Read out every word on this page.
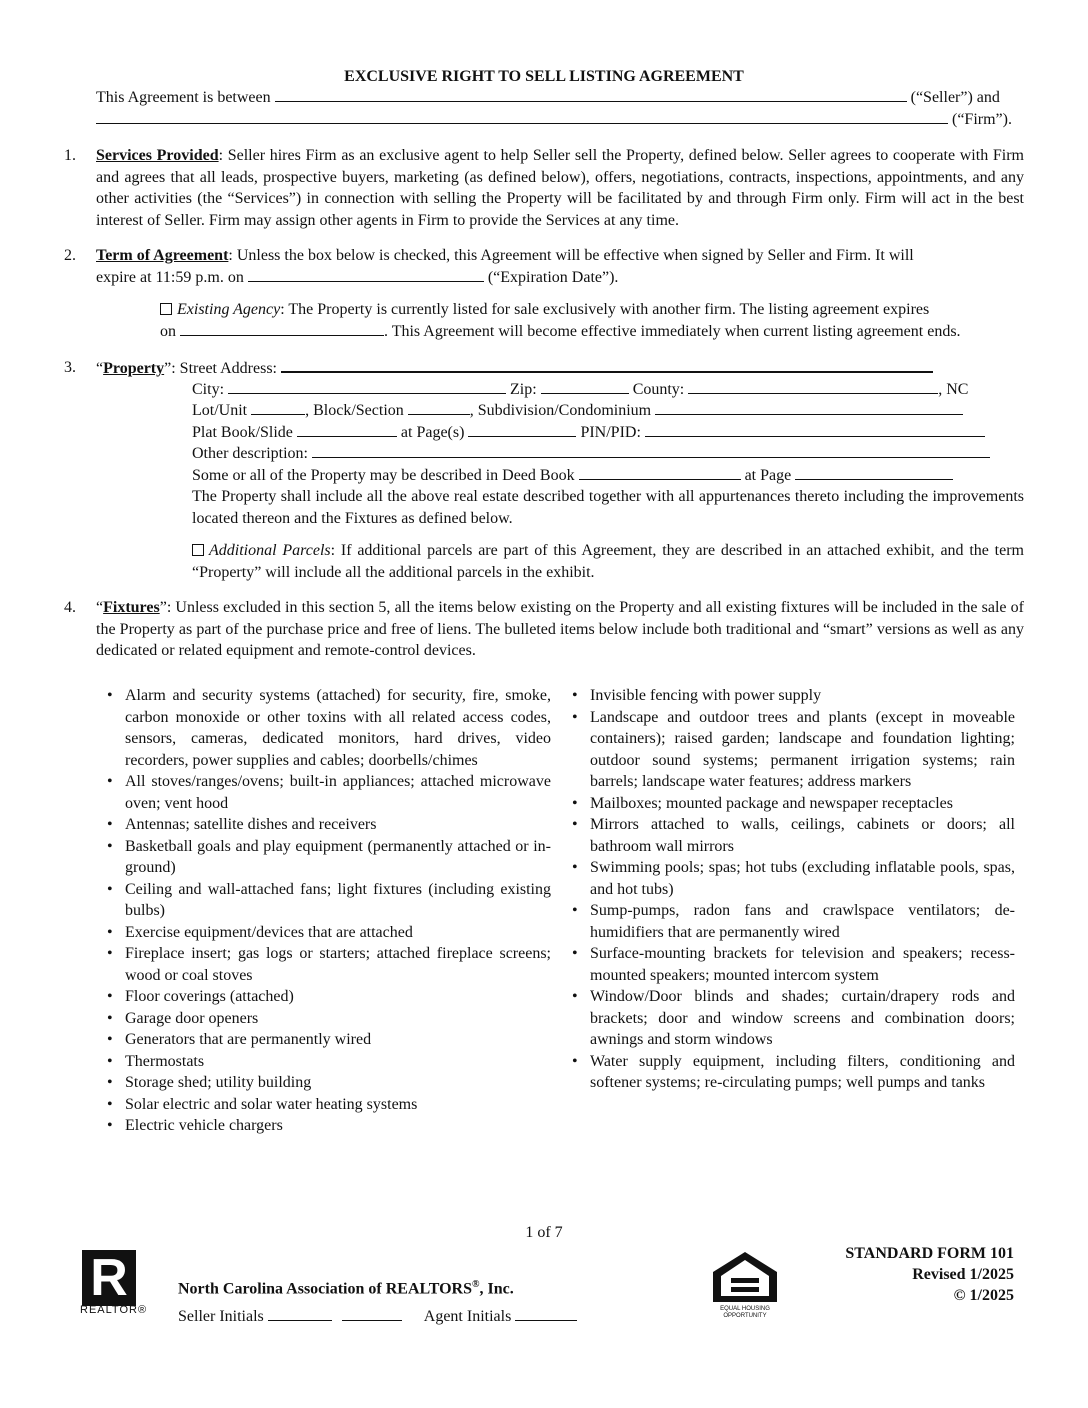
EXCLUSIVE RIGHT TO SELL LISTING AGREEMENT
This Agreement is between	(“Seller”) and
(“Firm”).
1. Services Provided: Seller hires Firm as an exclusive agent to help Seller sell the Property, defined below. Seller agrees to cooperate with Firm and agrees that all leads, prospective buyers, marketing (as defined below), offers, negotiations, contracts, inspections, appointments, and any other activities (the “Services”) in connection with selling the Property will be facilitated by and through Firm only. Firm will act in the best interest of Seller. Firm may assign other agents in Firm to provide the Services at any time.
2. Term of Agreement: Unless the box below is checked, this Agreement will be effective when signed by Seller and Firm. It will
expire at 11:59 p.m. on	(“Expiration Date”).
Existing Agency: The Property is currently listed for sale exclusively with another firm. The listing agreement expires
on	. This Agreement will become effective immediately when current listing agreement ends.
3. “Property”: Street Address:
City:	Zip:	County:	, NC
Lot/Unit	, Block/Section	, Subdivision/Condominium
Plat Book/Slide	at Page(s)	PIN/PID:
Other description:
Some or all of the Property may be described in Deed Book	at Page
The Property shall include all the above real estate described together with all appurtenances thereto including the improvements located thereon and the Fixtures as defined below.
Additional Parcels: If additional parcels are part of this Agreement, they are described in an attached exhibit, and the term “Property” will include all the additional parcels in the exhibit.
4. “Fixtures”: Unless excluded in this section 5, all the items below existing on the Property and all existing fixtures will be included in the sale of the Property as part of the purchase price and free of liens. The bulleted items below include both traditional and “smart” versions as well as any dedicated or related equipment and remote-control devices.
• Alarm and security systems (attached) for security, fire, smoke, carbon monoxide or other toxins with all related access codes, sensors, cameras, dedicated monitors, hard drives, video recorders, power supplies and cables; doorbells/chimes
• All stoves/ranges/ovens; built-in appliances; attached microwave oven; vent hood
• Antennas; satellite dishes and receivers
• Basketball goals and play equipment (permanently attached or in-ground)
• Ceiling and wall-attached fans; light fixtures (including existing bulbs)
• Exercise equipment/devices that are attached
• Fireplace insert; gas logs or starters; attached fireplace screens; wood or coal stoves
• Floor coverings (attached)
• Garage door openers
• Generators that are permanently wired
• Thermostats
• Storage shed; utility building
• Solar electric and solar water heating systems
• Electric vehicle chargers
• Invisible fencing with power supply
• Landscape and outdoor trees and plants (except in moveable containers); raised garden; landscape and foundation lighting; outdoor sound systems; permanent irrigation systems; rain barrels; landscape water features; address markers
• Mailboxes; mounted package and newspaper receptacles
• Mirrors attached to walls, ceilings, cabinets or doors; all bathroom wall mirrors
• Swimming pools; spas; hot tubs (excluding inflatable pools, spas, and hot tubs)
• Sump-pumps, radon fans and crawlspace ventilators; de-humidifiers that are permanently wired
• Surface-mounting brackets for television and speakers; recess-mounted speakers; mounted intercom system
• Window/Door blinds and shades; curtain/drapery rods and brackets; door and window screens and combination doors; awnings and storm windows
• Water supply equipment, including filters, conditioning and softener systems; re-circulating pumps; well pumps and tanks
1 of 7
R
REALTOR®
North Carolina Association of REALTORS®, Inc.
Seller Initials	Agent Initials	EQUAL HOUSING
OPPORTUNITY
STANDARD FORM 101
Revised 1/2025
© 1/2025
